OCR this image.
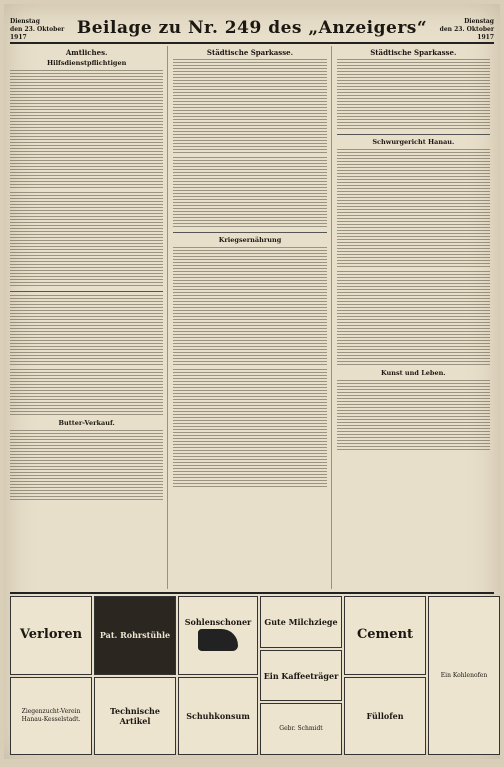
Dienstag
den 23. Oktober 1917	Beilage zu Nr. 249 des „Anzeigers“	Dienstag
den 23. Oktober 1917
Amtliches.
Hilfsdienstpflichtigen
Butter-Verkauf.
Städtische Sparkasse.
Kriegsernährung
Städtische Sparkasse.
Schwurgericht Hanau.
Kunst und Leben.
Verloren
Ziegenzucht-Verein Hanau-Kesselstadt.
Pat. Rohrstühle
Technische Artikel
Sohlenschoner
Schuhkonsum
Gute Milchziege
Ein Kaffeeträger
Gebr. Schmidt
Cement
Füllofen
Ein Kohlenofen
